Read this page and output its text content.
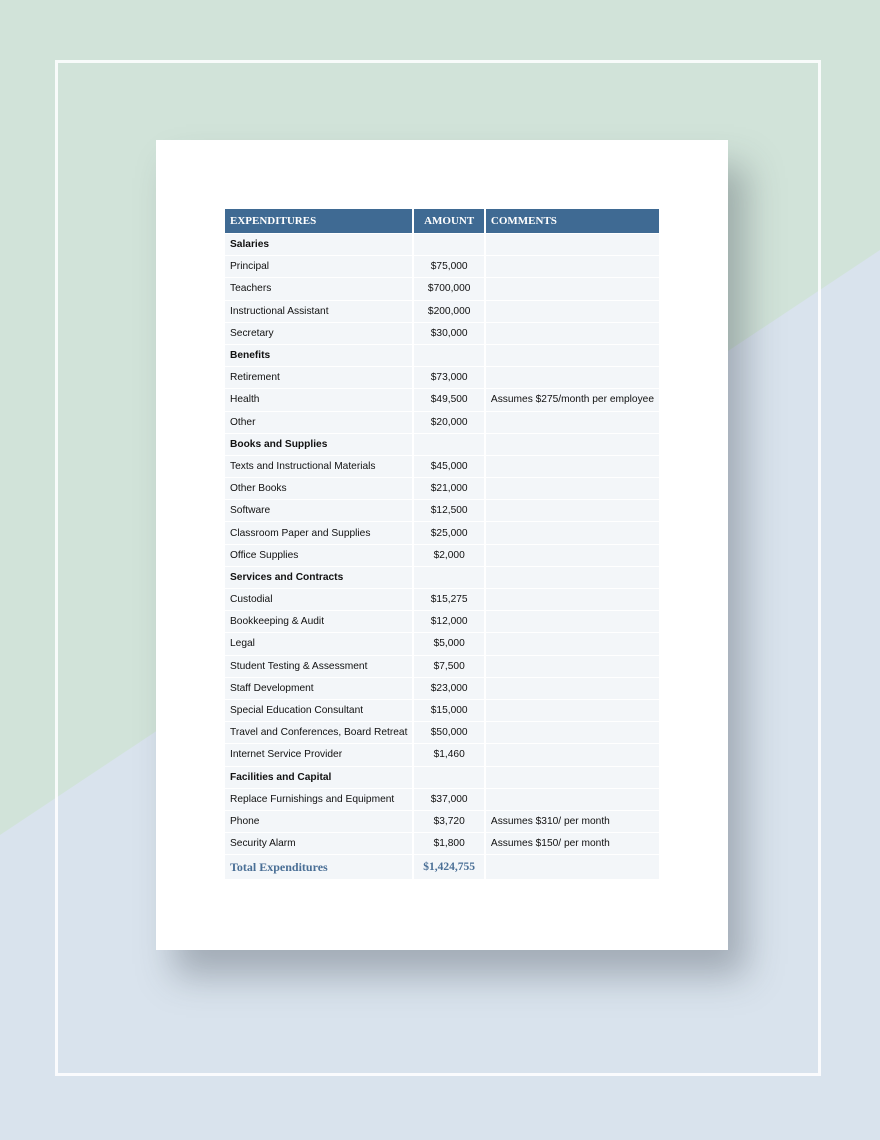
EXPENDITURES	AMOUNT	COMMENTS
Salaries		
Principal	$75,000	
Teachers	$700,000	
Instructional Assistant	$200,000	
Secretary	$30,000	
Benefits		
Retirement	$73,000	
Health	$49,500	Assumes $275/month per employee
Other	$20,000	
Books and Supplies		
Texts and Instructional Materials	$45,000	
Other Books	$21,000	
Software	$12,500	
Classroom Paper and Supplies	$25,000	
Office Supplies	$2,000	
Services and Contracts		
Custodial	$15,275	
Bookkeeping & Audit	$12,000	
Legal	$5,000	
Student Testing & Assessment	$7,500	
Staff Development	$23,000	
Special Education Consultant	$15,000	
Travel and Conferences, Board Retreat	$50,000	
Internet Service Provider	$1,460	
Facilities and Capital		
Replace Furnishings and Equipment	$37,000	
Phone	$3,720	Assumes $310/ per month
Security Alarm	$1,800	Assumes $150/ per month
Total Expenditures	$1,424,755	
